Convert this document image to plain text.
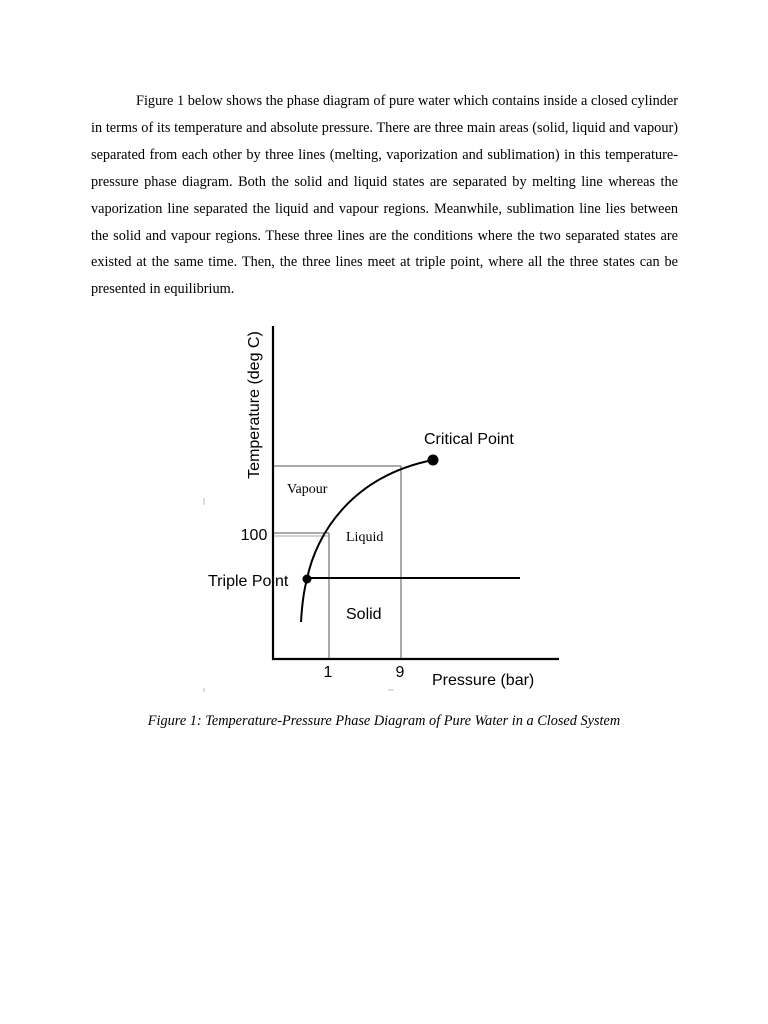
Figure 1 below shows the phase diagram of pure water which contains inside a closed cylinder in terms of its temperature and absolute pressure. There are three main areas (solid, liquid and vapour) separated from each other by three lines (melting, vaporization and sublimation) in this temperature-pressure phase diagram. Both the solid and liquid states are separated by melting line whereas the vaporization line separated the liquid and vapour regions. Meanwhile, sublimation line lies between the solid and vapour regions. These three lines are the conditions where the two separated states are existed at the same time. Then, the three lines meet at triple point, where all the three states can be presented in equilibrium.

Temperature (deg C)
100
1	9 Pressure (bar)
Critical Point
Triple Point
Vapour
Liquid
Solid

Figure 1: Temperature-Pressure Phase Diagram of Pure Water in a Closed System
